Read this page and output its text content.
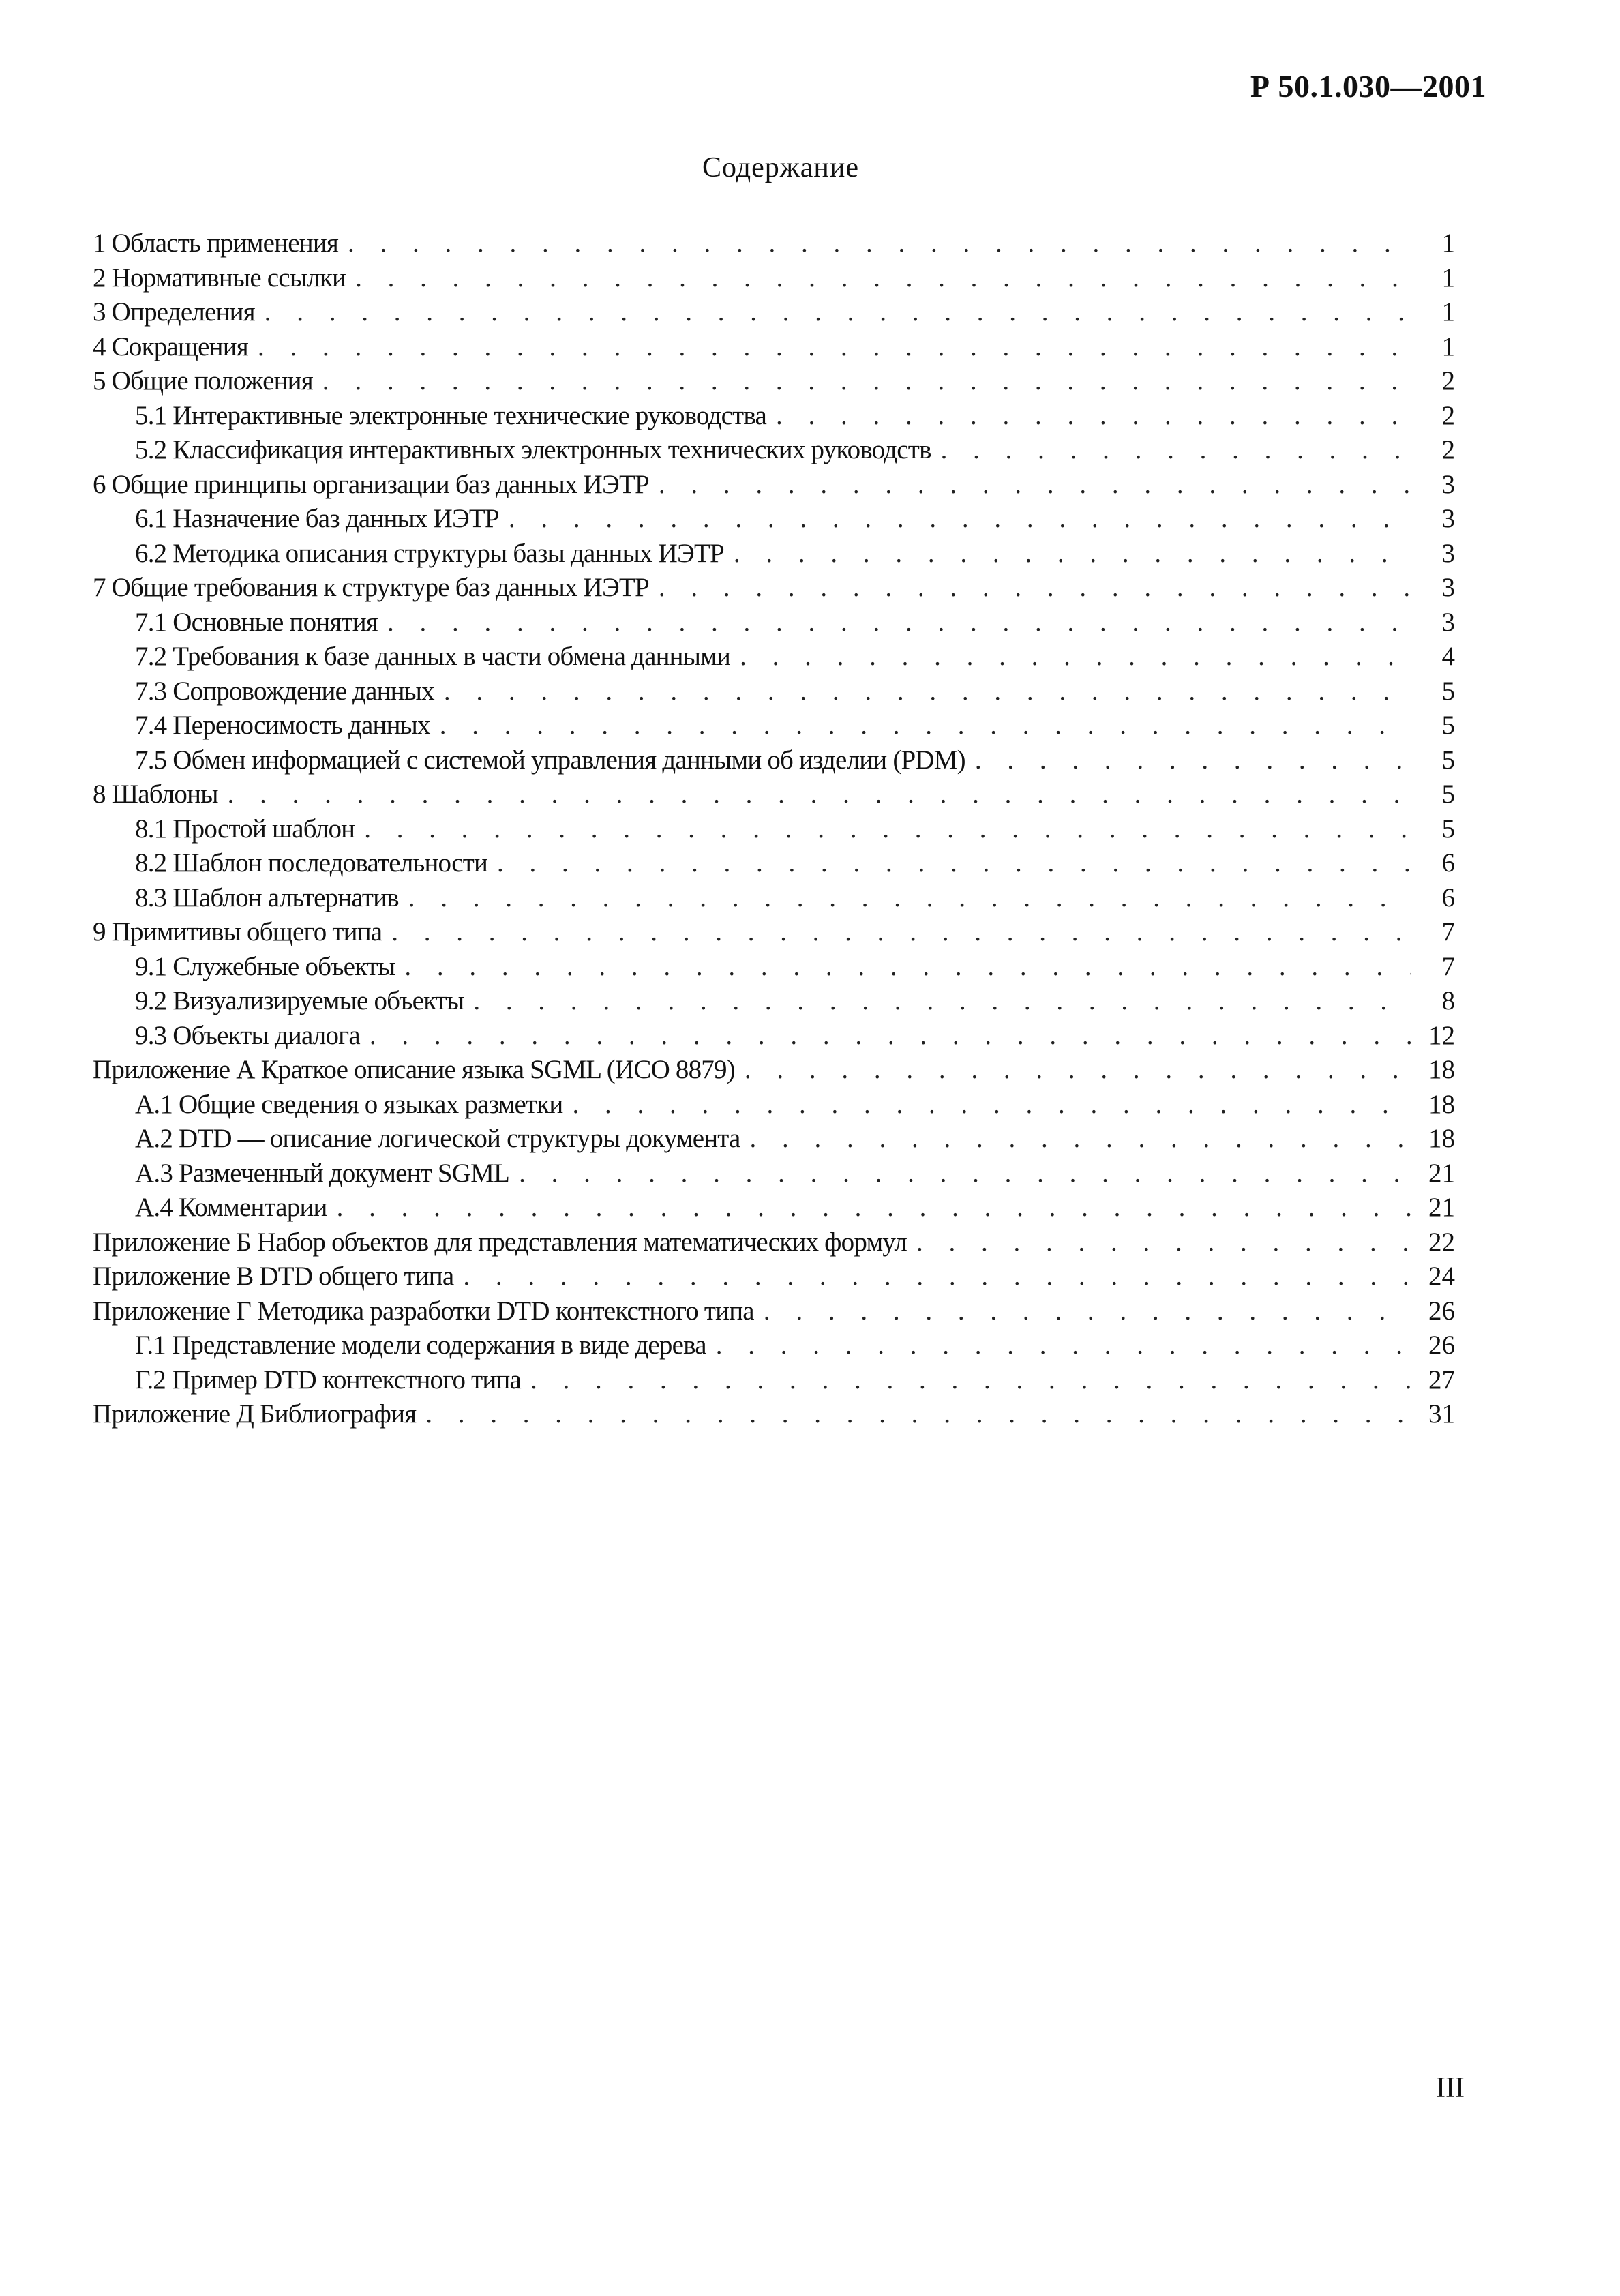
Р 50.1.030—2001

Содержание
1 Область применения . . .	1
2 Нормативные ссылки . . .	1
3 Определения . . .	1
4 Сокращения . . .	1
5 Общие положения . . .	2
5.1 Интерактивные электронные технические руководства . . .	2
5.2 Классификация интерактивных электронных технических руководств . . .	2
6 Общие принципы организации баз данных ИЭТР . . .	3
6.1 Назначение баз данных ИЭТР . . .	3
6.2 Методика описания структуры базы данных ИЭТР . . .	3
7 Общие требования к структуре баз данных ИЭТР . . .	3
7.1 Основные понятия . . .	3
7.2 Требования к базе данных в части обмена данными . . .	4
7.3 Сопровождение данных . . .	5
7.4 Переносимость данных . . .	5
7.5 Обмен информацией с системой управления данными об изделии (PDM) . . .	5
8 Шаблоны . . .	5
8.1 Простой шаблон . . .	5
8.2 Шаблон последовательности . . .	6
8.3 Шаблон альтернатив . . .	6
9 Примитивы общего типа . . .	7
9.1 Служебные объекты . . .	7
9.2 Визуализируемые объекты . . .	8
9.3 Объекты диалога . . .	12
Приложение А Краткое описание языка SGML (ИСО 8879) . . .	18
А.1 Общие сведения о языках разметки . . .	18
А.2 DTD — описание логической структуры документа . . .	18
А.3 Размеченный документ SGML . . .	21
А.4 Комментарии . . .	21
Приложение Б Набор объектов для представления математических формул . . .	22
Приложение В DTD общего типа . . .	24
Приложение Г Методика разработки DTD контекстного типа . . .	26
Г.1 Представление модели содержания в виде дерева . . .	26
Г.2 Пример DTD контекстного типа . . .	27
Приложение Д Библиография . . .	31

III
